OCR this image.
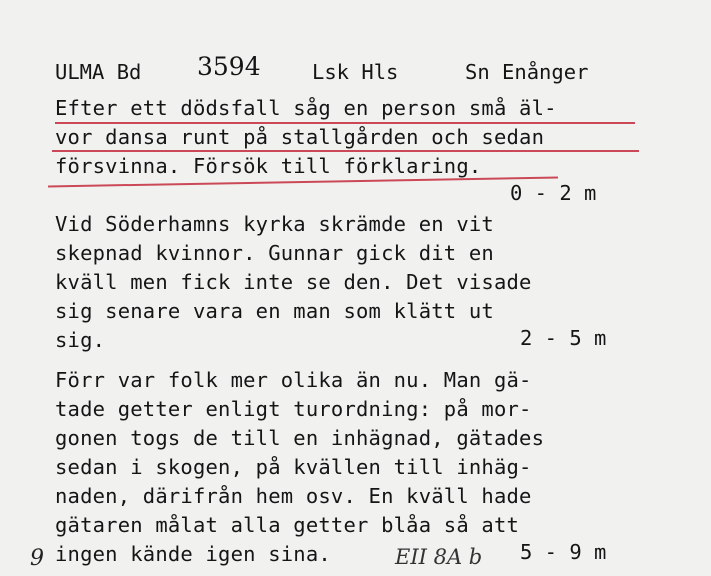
ULMA Bd 3594	Lsk Hls	Sn Enånger
Efter ett dödsfall såg en person små äl-
vor dansa runt på stallgården och sedan
försvinna. Försök till förklaring.
0 - 2 m
Vid Söderhamns kyrka skrämde en vit
skepnad kvinnor. Gunnar gick dit en
kväll men fick inte se den. Det visade
sig senare vara en man som klätt ut
sig.	2 - 5 m
Förr var folk mer olika än nu. Man gä-
tade getter enligt turordning: på mor-
gonen togs de till en inhägnad, gätades
sedan i skogen, på kvällen till inhäg-
naden, därifrån hem osv. En kväll hade
gätaren målat alla getter blåa så att
ingen kände igen sina.	5 - 9 m
9	EII 8A b
